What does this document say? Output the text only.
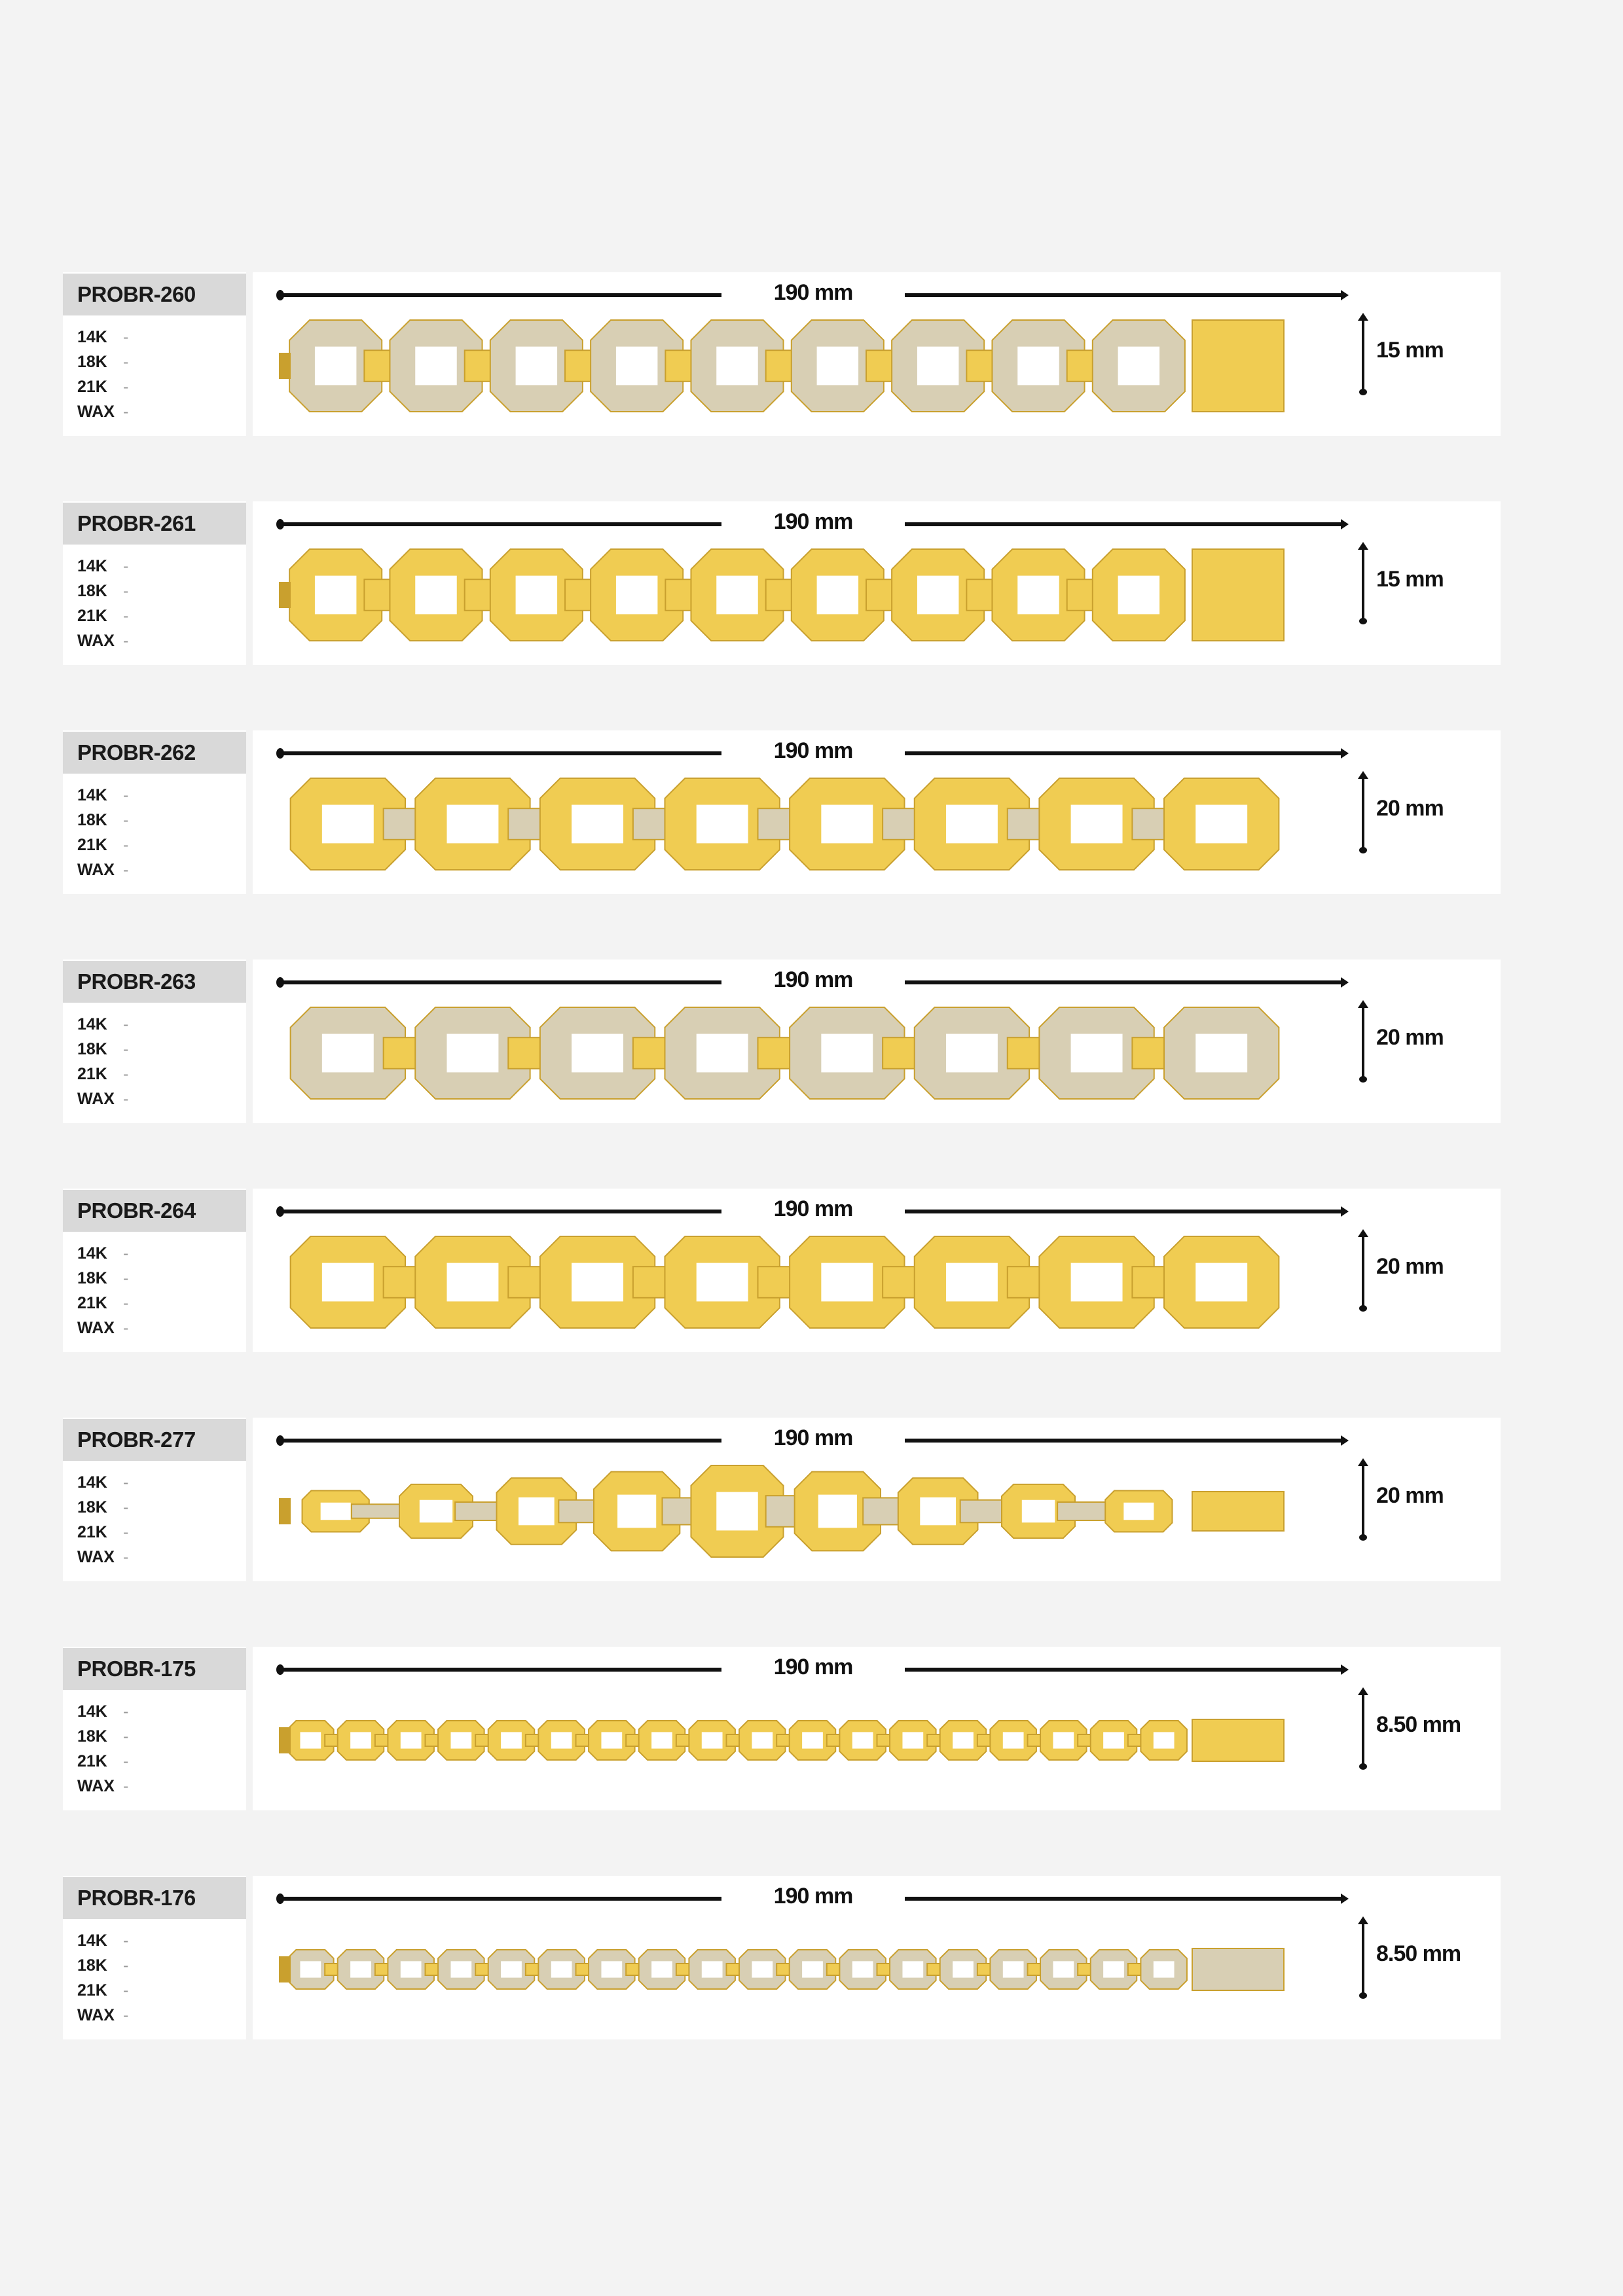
PROBR-260
14K -
18K -
21K -
WAX -
190 mm
15 mm
PROBR-261
14K -
18K -
21K -
WAX -
190 mm
15 mm
PROBR-262
14K -
18K -
21K -
WAX -
190 mm
20 mm
PROBR-263
14K -
18K -
21K -
WAX -
190 mm
20 mm
PROBR-264
14K -
18K -
21K -
WAX -
190 mm
20 mm
PROBR-277
14K -
18K -
21K -
WAX -
190 mm
20 mm
PROBR-175
14K -
18K -
21K -
WAX -
190 mm
8.50 mm
PROBR-176
14K -
18K -
21K -
WAX -
190 mm
8.50 mm
